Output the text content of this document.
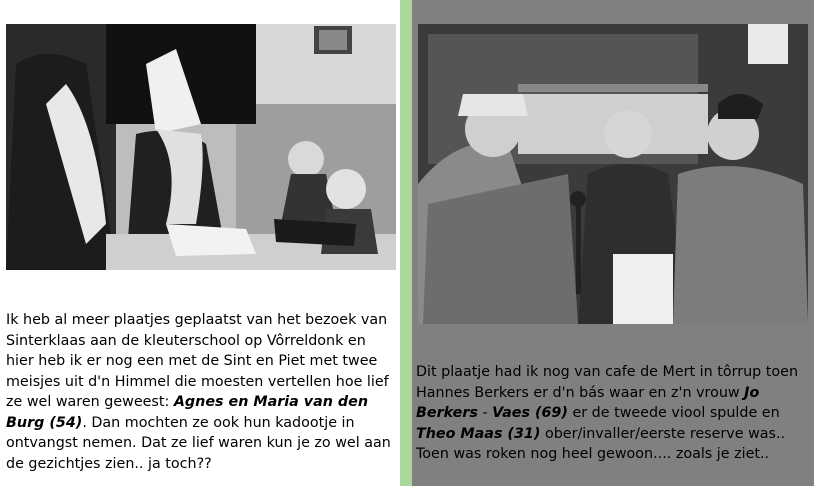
Ik heb al meer plaatjes geplaatst van het bezoek van Sinterklaas aan de kleuterschool op Vôrreldonk en hier heb ik er nog een met de Sint en Piet met twee meisjes uit d'n Himmel die moesten vertellen hoe lief ze wel waren geweest: Agnes en Maria van den Burg (54). Dan mochten ze ook hun kadootje in ontvangst nemen. Dat ze lief waren kun je zo wel aan de gezichtjes zien.. ja toch??
Dit plaatje had ik nog van cafe de Mert in tôrrup toen Hannes Berkers er d'n bás waar en z'n vrouw Jo Berkers - Vaes (69) er de tweede viool spulde en Theo Maas (31) ober/invaller/eerste reserve was.. Toen was roken nog heel gewoon.... zoals je ziet..
